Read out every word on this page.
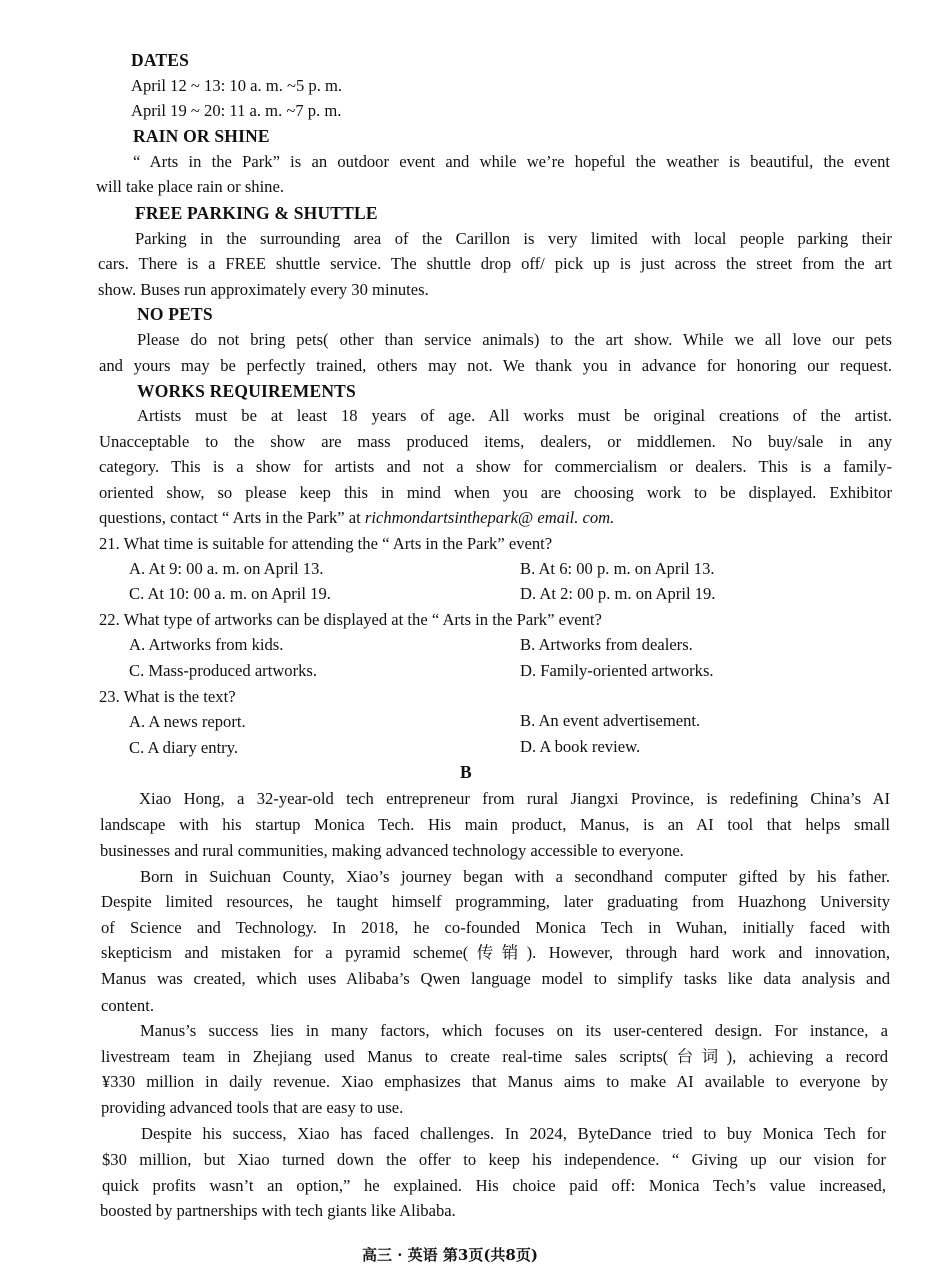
DATES
April 12 ~ 13: 10 a. m. ~5 p. m.
April 19 ~ 20: 11 a. m. ~7 p. m.
RAIN OR SHINE
“ Arts in the Park” is an outdoor event and while we’re hopeful the weather is beautiful, the event
will take place rain or shine.
FREE PARKING & SHUTTLE
Parking in the surrounding area of the Carillon is very limited with local people parking their
cars. There is a FREE shuttle service. The shuttle drop off/ pick up is just across the street from the art
show. Buses run approximately every 30 minutes.
NO PETS
Please do not bring pets( other than service animals) to the art show. While we all love our pets
and yours may be perfectly trained, others may not. We thank you in advance for honoring our request.
WORKS REQUIREMENTS
Artists must be at least 18 years of age. All works must be original creations of the artist.
Unacceptable to the show are mass produced items, dealers, or middlemen. No buy/sale in any
category. This is a show for artists and not a show for commercialism or dealers. This is a family-
oriented show, so please keep this in mind when you are choosing work to be displayed. Exhibitor
questions, contact “ Arts in the Park” at richmondartsinthepark@ email. com.
21. What time is suitable for attending the “ Arts in the Park” event?
A. At 9: 00 a. m. on April 13.	B. At 6: 00 p. m. on April 13.
C. At 10: 00 a. m. on April 19.	D. At 2: 00 p. m. on April 19.
22. What type of artworks can be displayed at the “ Arts in the Park” event?
A. Artworks from kids.	B. Artworks from dealers.
C. Mass-produced artworks.	D. Family-oriented artworks.
23. What is the text?
A. A news report.	B. An event advertisement.
C. A diary entry.	D. A book review.
B
Xiao Hong, a 32-year-old tech entrepreneur from rural Jiangxi Province, is redefining China’s AI
landscape with his startup Monica Tech. His main product, Manus, is an AI tool that helps small
businesses and rural communities, making advanced technology accessible to everyone.
Born in Suichuan County, Xiao’s journey began with a secondhand computer gifted by his father.
Despite limited resources, he taught himself programming, later graduating from Huazhong University
of Science and Technology. In 2018, he co-founded Monica Tech in Wuhan, initially faced with
skepticism and mistaken for a pyramid scheme(传销). However, through hard work and innovation,
Manus was created, which uses Alibaba’s Qwen language model to simplify tasks like data analysis and
content.
Manus’s success lies in many factors, which focuses on its user-centered design. For instance, a
livestream team in Zhejiang used Manus to create real-time sales scripts(台词), achieving a record
¥330 million in daily revenue. Xiao emphasizes that Manus aims to make AI available to everyone by
providing advanced tools that are easy to use.
Despite his success, Xiao has faced challenges. In 2024, ByteDance tried to buy Monica Tech for
$30 million, but Xiao turned down the offer to keep his independence. “ Giving up our vision for
quick profits wasn’t an option,” he explained. His choice paid off: Monica Tech’s value increased,
boosted by partnerships with tech giants like Alibaba.
高三 · 英语 第3页(共8页)
